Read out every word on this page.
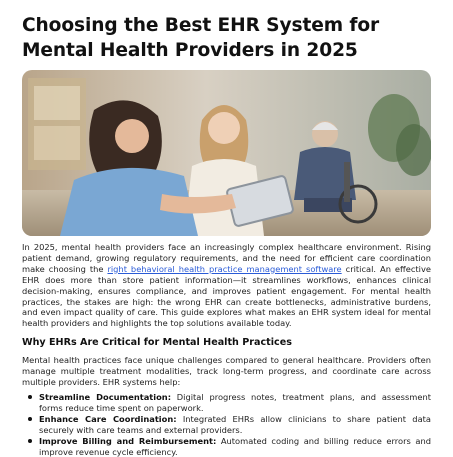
Choosing the Best EHR System for Mental Health Providers in 2025

In 2025, mental health providers face an increasingly complex healthcare environment. Rising patient demand, growing regulatory requirements, and the need for efficient care coordination make choosing the right behavioral health practice management software critical. An effective EHR does more than store patient information—it streamlines workflows, enhances clinical decision-making, ensures compliance, and improves patient engagement. For mental health practices, the stakes are high: the wrong EHR can create bottlenecks, administrative burdens, and even impact quality of care. This guide explores what makes an EHR system ideal for mental health providers and highlights the top solutions available today.

Why EHRs Are Critical for Mental Health Practices

Mental health practices face unique challenges compared to general healthcare. Providers often manage multiple treatment modalities, track long-term progress, and coordinate care across multiple providers. EHR systems help:

Streamline Documentation: Digital progress notes, treatment plans, and assessment forms reduce time spent on paperwork.
Enhance Care Coordination: Integrated EHRs allow clinicians to share patient data securely with care teams and external providers.
Improve Billing and Reimbursement: Automated coding and billing reduce errors and improve revenue cycle efficiency.
